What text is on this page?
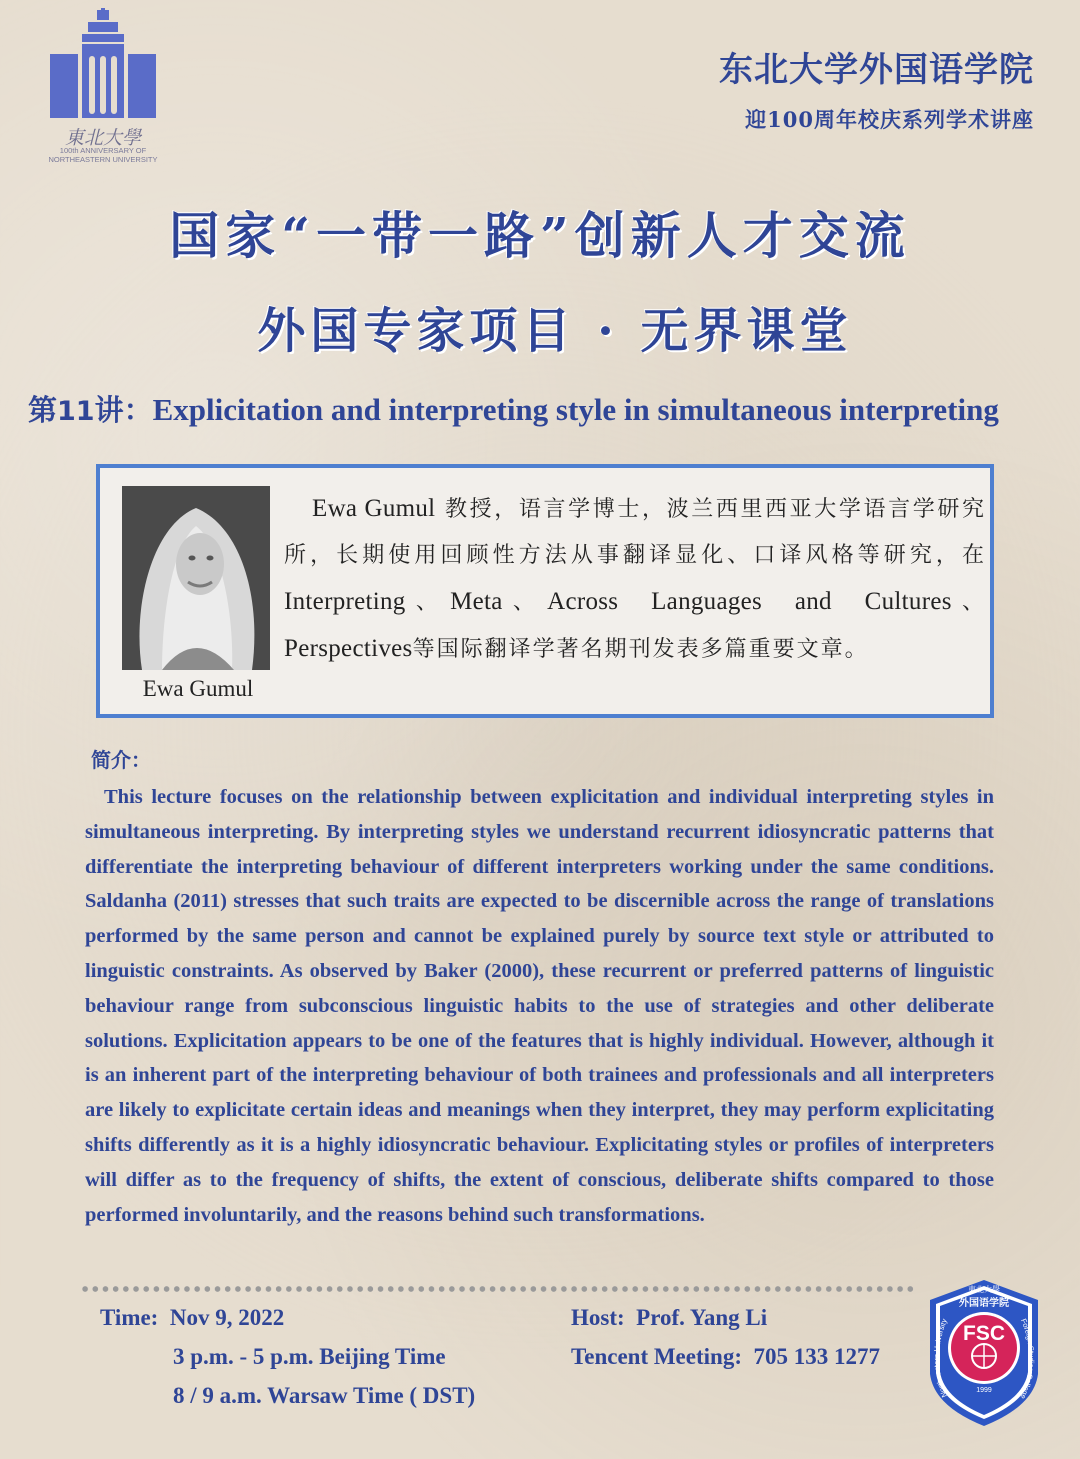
東北大學
100th ANNIVERSARY OF
NORTHEASTERN UNIVERSITY
东北大学外国语学院
迎100周年校庆系列学术讲座
国家“一带一路”创新人才交流
外国专家项目 · 无界课堂
第11讲：Explicitation and interpreting style in simultaneous interpreting
Ewa Gumul
Ewa Gumul 教授，语言学博士，波兰西里西亚大学语言学研究所，长期使用回顾性方法从事翻译显化、口译风格等研究，在Interpreting、Meta、Across Languages and Cultures、Perspectives等国际翻译学著名期刊发表多篇重要文章。
简介：
This lecture focuses on the relationship between explicitation and individual interpreting styles in simultaneous interpreting. By interpreting styles we understand recurrent idiosyncratic patterns that differentiate the interpreting behaviour of different interpreters working under the same conditions. Saldanha (2011) stresses that such traits are expected to be discernible across the range of translations performed by the same person and cannot be explained purely by source text style or attributed to linguistic constraints. As observed by Baker (2000), these recurrent or preferred patterns of linguistic behaviour range from subconscious linguistic habits to the use of strategies and other deliberate solutions. Explicitation appears to be one of the features that is highly individual. However, although it is an inherent part of the interpreting behaviour of both trainees and professionals and all interpreters are likely to explicitate certain ideas and meanings when they interpret, they may perform explicitating shifts differently as it is a highly idiosyncratic behaviour. Explicitating styles or profiles of interpreters will differ as to the frequency of shifts, the extent of conscious, deliberate shifts compared to those performed involuntarily, and the reasons behind such transformations.
Time: Nov 9, 2022
3 p.m. - 5 p.m. Beijing Time
8 / 9 a.m. Warsaw Time ( DST)
Host: Prof. Yang Li
Tencent Meeting: 705 133 1277
東北大學
外国语学院
FSC
Northeastern University	Foreign Studies College
1999
